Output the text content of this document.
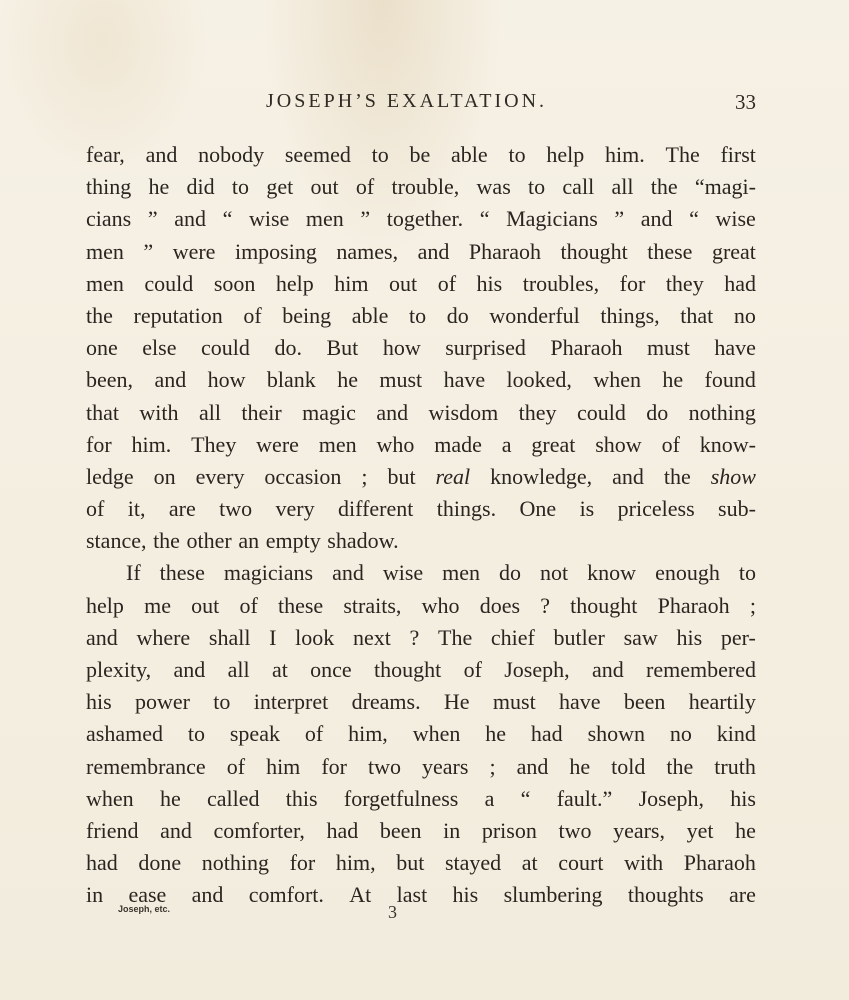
JOSEPH’S EXALTATION.	33
fear, and nobody seemed to be able to help him. The first
thing he did to get out of trouble, was to call all the “magi-
cians ” and “ wise men ” together. “ Magicians ” and “ wise
men ” were imposing names, and Pharaoh thought these great
men could soon help him out of his troubles, for they had
the reputation of being able to do wonderful things, that no
one else could do. But how surprised Pharaoh must have
been, and how blank he must have looked, when he found
that with all their magic and wisdom they could do nothing
for him. They were men who made a great show of know-
ledge on every occasion ; but real knowledge, and the show
of it, are two very different things. One is priceless sub-
stance, the other an empty shadow.
If these magicians and wise men do not know enough to
help me out of these straits, who does ? thought Pharaoh ;
and where shall I look next ? The chief butler saw his per-
plexity, and all at once thought of Joseph, and remembered
his power to interpret dreams. He must have been heartily
ashamed to speak of him, when he had shown no kind
remembrance of him for two years ; and he told the truth
when he called this forgetfulness a “ fault.” Joseph, his
friend and comforter, had been in prison two years, yet he
had done nothing for him, but stayed at court with Pharaoh
in ease and comfort. At last his slumbering thoughts are
Joseph, etc.	3
